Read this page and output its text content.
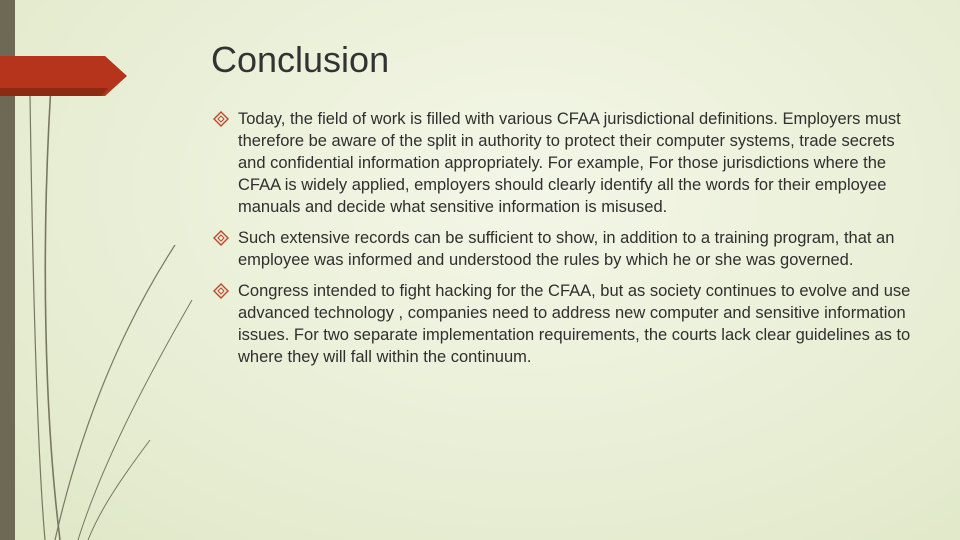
Conclusion
Today, the field of work is filled with various CFAA jurisdictional definitions. Employers must therefore be aware of the split in authority to protect their computer systems, trade secrets and confidential information appropriately. For example, For those jurisdictions where the CFAA is widely applied, employers should clearly identify all the words for their employee manuals and decide what sensitive information is misused.
Such extensive records can be sufficient to show, in addition to a training program, that an employee was informed and understood the rules by which he or she was governed.
Congress intended to fight hacking for the CFAA, but as society continues to evolve and use advanced technology , companies need to address new computer and sensitive information issues. For two separate implementation requirements, the courts lack clear guidelines as to where they will fall within the continuum.
